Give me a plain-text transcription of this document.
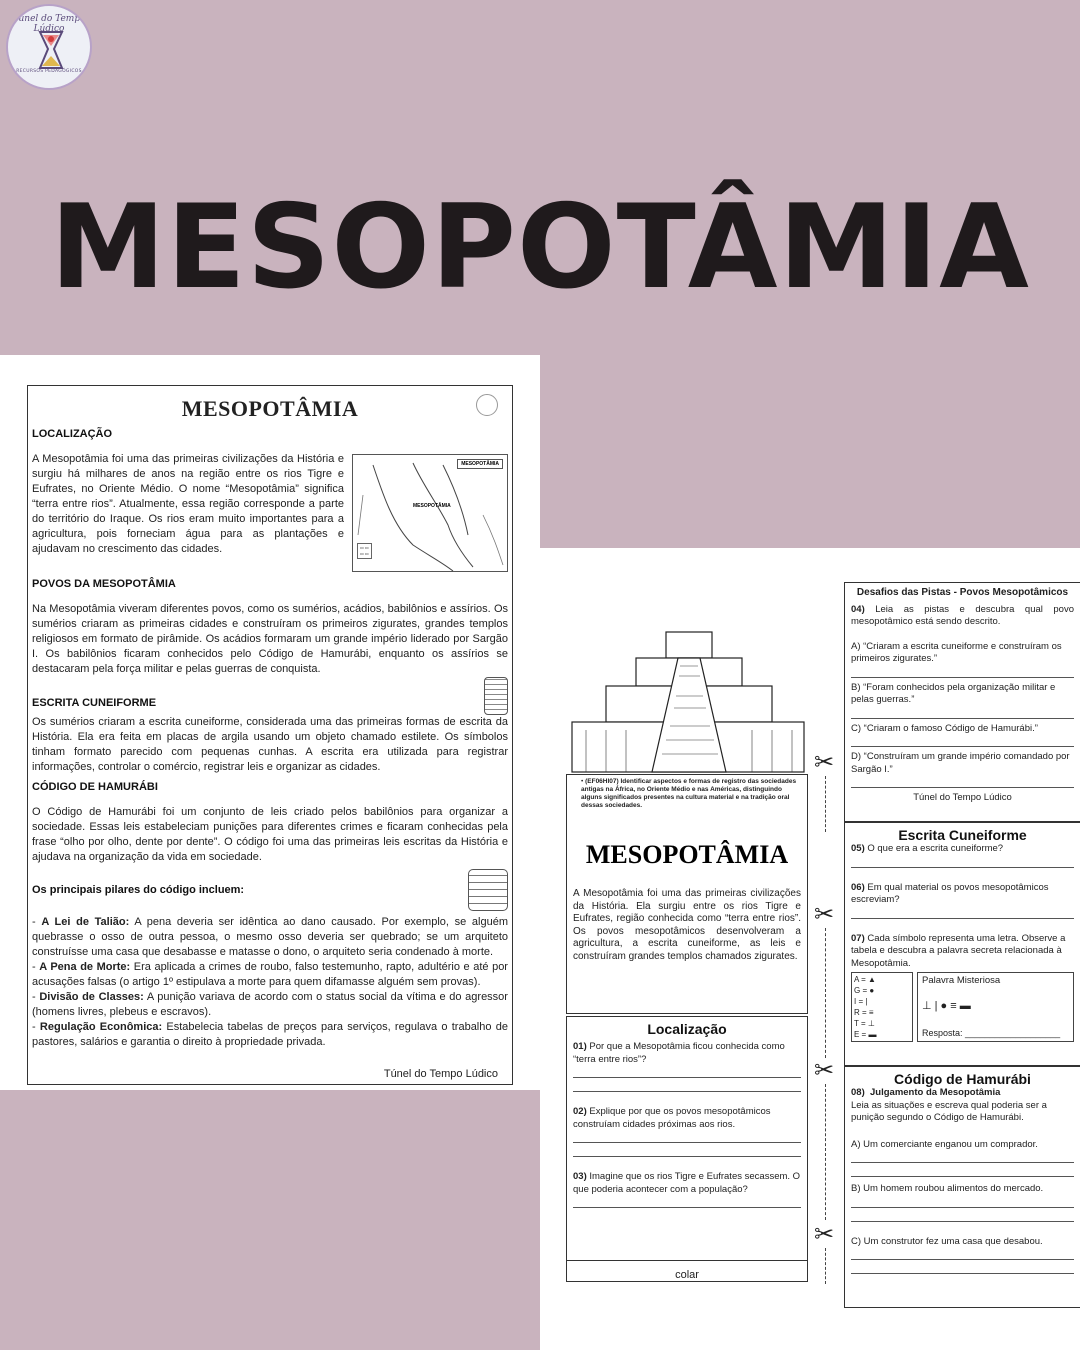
Túnel do Tempo Lúdico
RECURSOS PEDAGÓGICOS
MESOPOTÂMIA
MESOPOTÂMIA
LOCALIZAÇÃO
A Mesopotâmia foi uma das primeiras civilizações da História e surgiu há milhares de anos na região entre os rios Tigre e Eufrates, no Oriente Médio. O nome “Mesopotâmia” significa “terra entre rios”. Atualmente, essa região corresponde a parte do território do Iraque. Os rios eram muito importantes para a agricultura, pois forneciam água para as plantações e ajudavam no crescimento das cidades.
MESOPOTÂMIA
MESOPOTÂMIA
▭ ▭
▭ ▭
POVOS DA MESOPOTÂMIA
Na Mesopotâmia viveram diferentes povos, como os sumérios, acádios, babilônios e assírios. Os sumérios criaram as primeiras cidades e construíram os primeiros zigurates, grandes templos religiosos em formato de pirâmide. Os acádios formaram um grande império liderado por Sargão I. Os babilônios ficaram conhecidos pelo Código de Hamurábi, enquanto os assírios se destacaram pela força militar e pelas guerras de conquista.
ESCRITA CUNEIFORME
Os sumérios criaram a escrita cuneiforme, considerada uma das primeiras formas de escrita da História. Ela era feita em placas de argila usando um objeto chamado estilete. Os símbolos tinham formato parecido com pequenas cunhas. A escrita era utilizada para registrar informações, controlar o comércio, registrar leis e organizar as cidades.
CÓDIGO DE HAMURÁBI
O Código de Hamurábi foi um conjunto de leis criado pelos babilônios para organizar a sociedade. Essas leis estabeleciam punições para diferentes crimes e ficaram conhecidas pela frase “olho por olho, dente por dente”. O código foi uma das primeiras leis escritas da História e ajudava na organização da vida em sociedade.
Os principais pilares do código incluem:
- A Lei de Talião: A pena deveria ser idêntica ao dano causado. Por exemplo, se alguém quebrasse o osso de outra pessoa, o mesmo osso deveria ser quebrado; se um arquiteto construísse uma casa que desabasse e matasse o dono, o arquiteto seria condenado à morte.
- A Pena de Morte: Era aplicada a crimes de roubo, falso testemunho, rapto, adultério e até por acusações falsas (o artigo 1º estipulava a morte para quem difamasse alguém sem provas).
- Divisão de Classes: A punição variava de acordo com o status social da vítima e do agressor (homens livres, plebeus e escravos).
- Regulação Econômica: Estabelecia tabelas de preços para serviços, regulava o trabalho de pastores, salários e garantia o direito à propriedade privada.
Túnel do Tempo Lúdico
• (EF06HI07) Identificar aspectos e formas de registro das sociedades antigas na África, no Oriente Médio e nas Américas, distinguindo alguns significados presentes na cultura material e na tradição oral dessas sociedades.
MESOPOTÂMIA
A Mesopotâmia foi uma das primeiras civilizações da História. Ela surgiu entre os rios Tigre e Eufrates, região conhecida como “terra entre rios”. Os povos mesopotâmicos desenvolveram a agricultura, a escrita cuneiforme, as leis e construíram grandes templos chamados zigurates.
Localização
01) Por que a Mesopotâmia ficou conhecida como “terra entre rios”?
02) Explique por que os povos mesopotâmicos construíam cidades próximas aos rios.
03) Imagine que os rios Tigre e Eufrates secassem. O que poderia acontecer com a população?
colar
✂
✂
✂
✂
Desafios das Pistas - Povos Mesopotâmicos
04) Leia as pistas e descubra qual povo mesopotâmico está sendo descrito.
A) “Criaram a escrita cuneiforme e construíram os primeiros zigurates.”
B) “Foram conhecidos pela organização militar e pelas guerras.”
C) “Criaram o famoso Código de Hamurábi.”
D) “Construíram um grande império comandado por Sargão I.”
Túnel do Tempo Lúdico
Escrita Cuneiforme
05) O que era a escrita cuneiforme?
06) Em qual material os povos mesopotâmicos escreviam?
07) Cada símbolo representa uma letra. Observe a tabela e descubra a palavra secreta relacionada à Mesopotâmia.
A = ▲
G = ●
I = |
R = ≡
T = ⊥
E = ▬
Palavra Misteriosa
⊥ | ● ≡ ▬
Resposta: ___________________
Código de Hamurábi
08) Julgamento da Mesopotâmia
Leia as situações e escreva qual poderia ser a punição segundo o Código de Hamurábi.
A) Um comerciante enganou um comprador.
B) Um homem roubou alimentos do mercado.
C) Um construtor fez uma casa que desabou.
